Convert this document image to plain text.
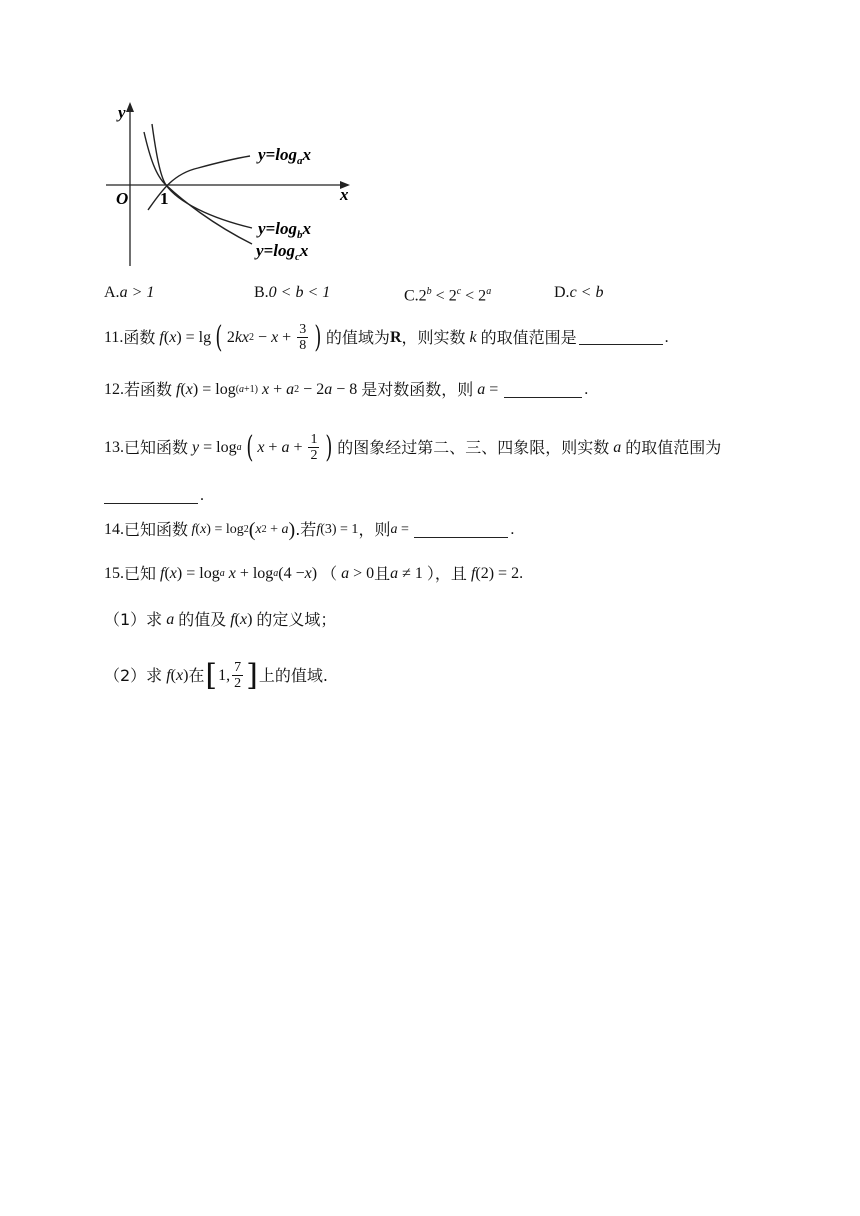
y
x
O 1
$y=\log_ax$
$y=\log_bx$
$y=\log_cx$
A.a > 1	B.0 < b < 1	$C.2^b < 2^c < 2^a$	D.c < b
11. 函数 f ( x ) = lg ( 2 kx $2 - x + \frac{3}{8}$ ) 的值域为 R ，则实数 k 的取值范围是	.
12. 若函数 f ( x ) = log (a+1) x + a 2 − 2 a − 8 是对数函数，则 a =	.
13. 已知函数 y = log a ( $x + a + \frac{1}{2}$ ) 的图象经过第二、三、四象限，则实数 a 的取值范围为
.
14. 已知函数 f ( x ) = log 2 ( x 2 + a ) .若 f (3) = 1 ，则 a =	.
15. 已知 f ( x ) = log a x + log a (4 − x ) （ a > 0 且 a ≠ 1 ），且 f (2) = 2 .
（1）求 a 的值及 f ( x ) 的定义域；
（2）求 f ( x ) 在 [ 1, $\frac{7}{2}$ ] 上的值域.
